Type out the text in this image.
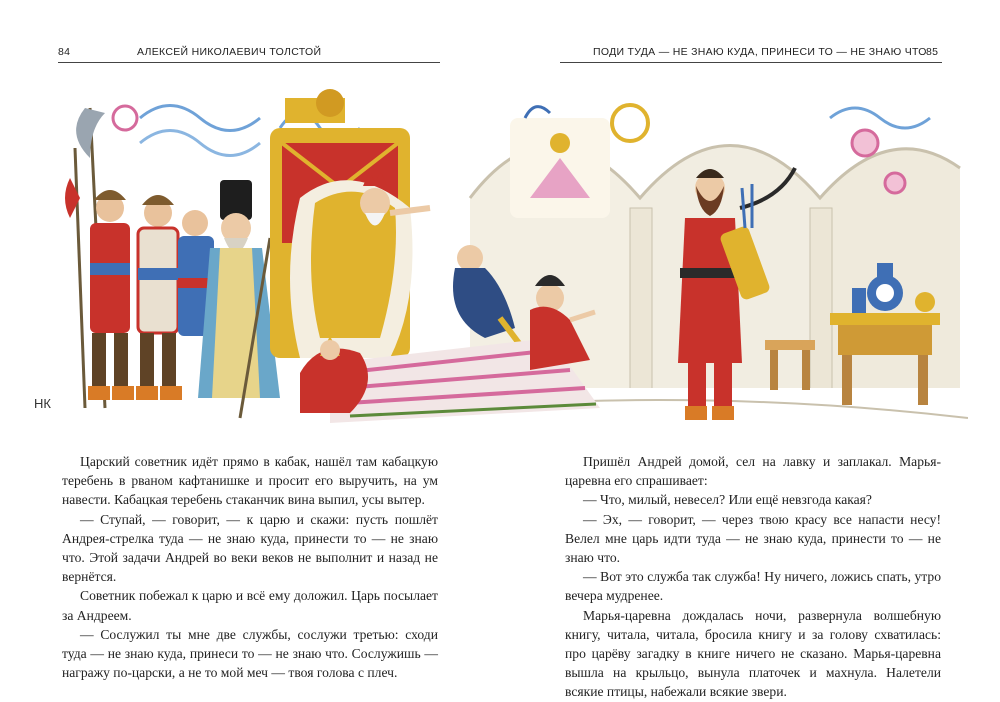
84	АЛЕКСЕЙ НИКОЛАЕВИЧ ТОЛСТОЙ	ПОДИ ТУДА — НЕ ЗНАЮ КУДА, ПРИНЕСИ ТО — НЕ ЗНАЮ ЧТО 85
НК

Царский советник идёт прямо в кабак, нашёл там кабацкую теребень в рваном кафтанишке и просит его выручить, на ум навести. Кабацкая теребень стаканчик вина выпил, усы вытер.

— Ступай, — говорит, — к царю и скажи: пусть пошлёт Андрея-стрелка туда — не знаю куда, принести то — не знаю что. Этой задачи Андрей во веки веков не выполнит и назад не вернётся.

Советник побежал к царю и всё ему доложил. Царь посылает за Андреем.

— Сослужил ты мне две службы, сослужи третью: сходи туда — не знаю куда, принеси то — не знаю что. Сослужишь — награжу по-царски, а не то мой меч — твоя голова с плеч.

Пришёл Андрей домой, сел на лавку и заплакал. Марья-царевна его спрашивает:

— Что, милый, невесел? Или ещё невзгода какая?

— Эх, — говорит, — через твою красу все напасти несу! Велел мне царь идти туда — не знаю куда, принести то — не знаю что.

— Вот это служба так служба! Ну ничего, ложись спать, утро вечера мудренее.

Марья-царевна дождалась ночи, развернула волшебную книгу, читала, читала, бросила книгу и за голову схватилась: про царёву загадку в книге ничего не сказано. Марья-царевна вышла на крыльцо, вынула платочек и махнула. Налетели всякие птицы, набежали всякие звери.
